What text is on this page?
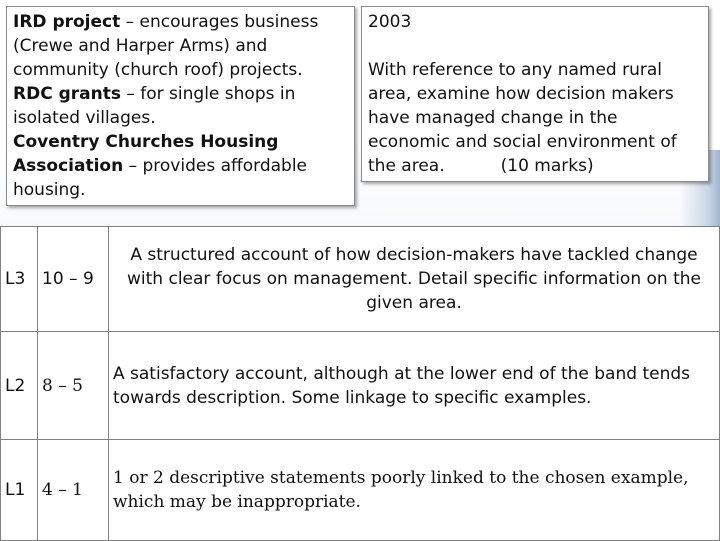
IRD project – encourages business (Crewe and Harper Arms) and community (church roof) projects.
RDC grants – for single shops in isolated villages.
Coventry Churches Housing Association – provides affordable housing.
2003
With reference to any named rural area, examine how decision makers have managed change in the economic and social environment of the area.	(10 marks)
L3	10 – 9	A structured account of how decision-makers have tackled change with clear focus on management. Detail specific information on the given area.
L2	8 – 5	A satisfactory account, although at the lower end of the band tends towards description. Some linkage to specific examples.
L1	4 – 1	1 or 2 descriptive statements poorly linked to the chosen example, which may be inappropriate.
